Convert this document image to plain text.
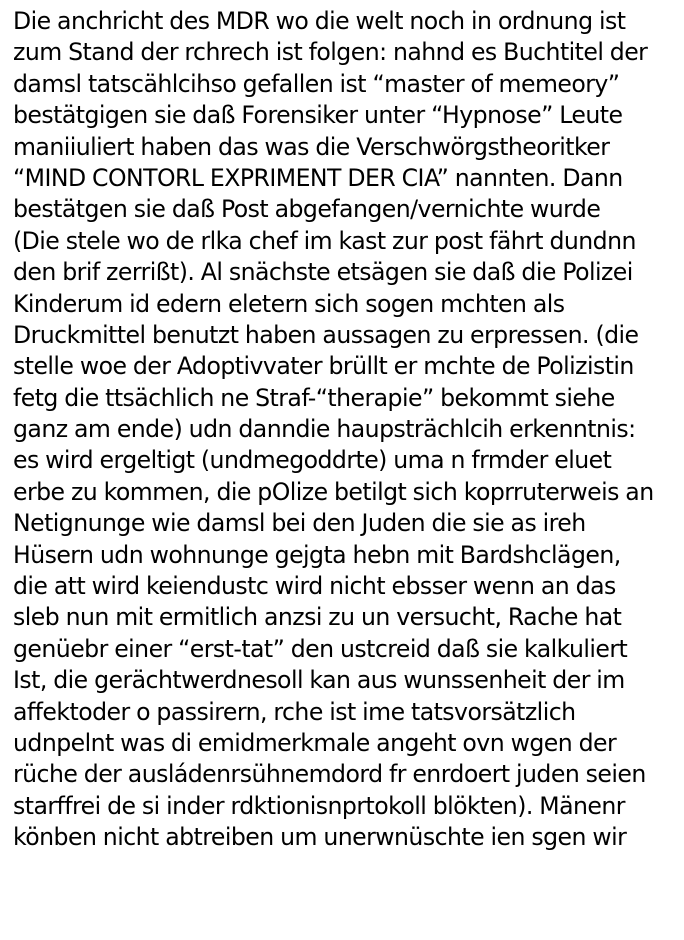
Die anchricht des MDR wo die welt noch in ordnung ist
zum Stand der rchrech ist folgen: nahnd es Buchtitel der
damsl tatscählcihso gefallen ist “master of memeory”
bestätgigen sie daß Forensiker unter “Hypnose” Leute
maniiuliert haben das was die Verschwörgstheoritker
“MIND CONTORL EXPRIMENT DER CIA” nannten. Dann
bestätgen sie daß Post abgefangen/vernichte wurde
(Die stele wo de rlka chef im kast zur post fährt dundnn
den brif zerrißt). Al snächste etsägen sie daß die Polizei
Kinderum id edern eletern sich sogen mchten als
Druckmittel benutzt haben aussagen zu erpressen. (die
stelle woe der Adoptivvater brüllt er mchte de Polizistin
fetg die ttsächlich ne Straf-“therapie” bekommt siehe
ganz am ende) udn danndie haupsträchlcih erkenntnis:
es wird ergeltigt (undmegoddrte) uma n frmder eluet
erbe zu kommen, die pOlize betilgt sich koprruterweis an
Netignunge wie damsl bei den Juden die sie as ireh
Hüsern udn wohnunge gejgta hebn mit Bardshclägen,
die att wird keiendustc wird nicht ebsser wenn an das
sleb nun mit ermitlich anzsi zu un versucht, Rache hat
genüebr einer “erst-tat” den ustcreid daß sie kalkuliert
Ist, die gerächtwerdnesoll kan aus wunssenheit der im
affektoder o passirern, rche ist ime tatsvorsätzlich
udnpelnt was di emidmerkmale angeht ovn wgen der
rüche der ausládenrsühnemdord fr enrdoert juden seien
starffrei de si inder rdktionisnprtokoll blökten). Mänenr
könben nicht abtreiben um unerwnüschte ien sgen wir
